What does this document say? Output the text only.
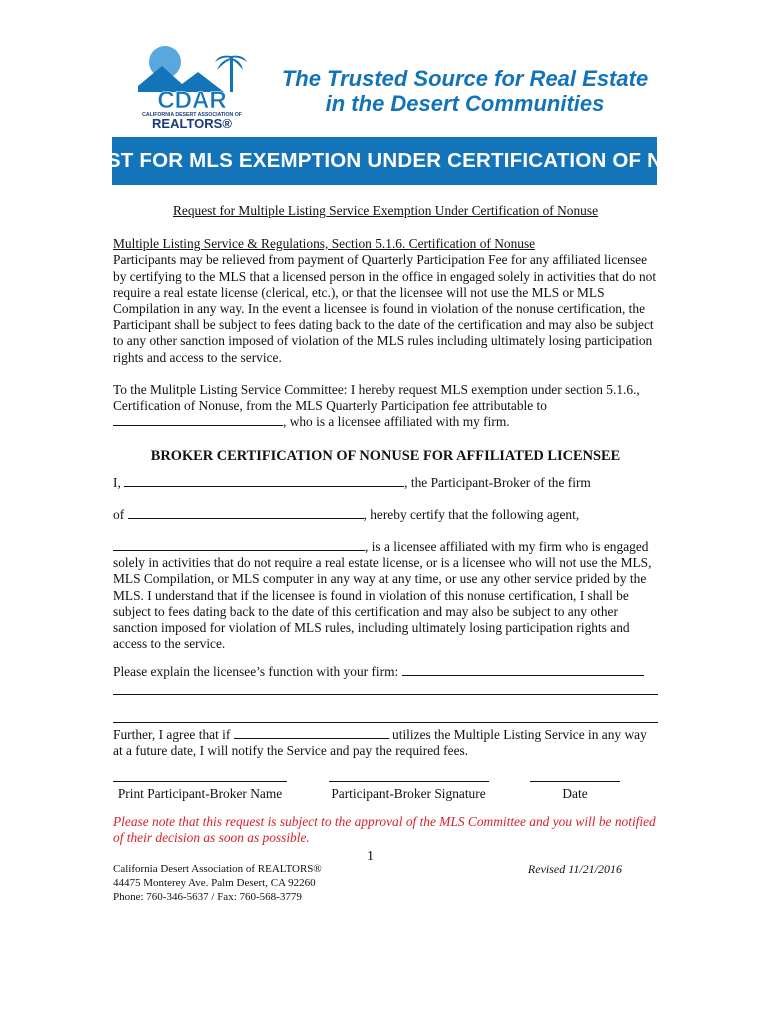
CDAR
CALIFORNIA DESERT ASSOCIATION OF
REALTORS®
The Trusted Source for Real Estate
in the Desert Communities
REQUEST FOR MLS EXEMPTION UNDER CERTIFICATION OF NONUSE

Request for Multiple Listing Service Exemption Under Certification of Nonuse

Multiple Listing Service & Regulations, Section 5.1.6. Certification of Nonuse

Participants may be relieved from payment of Quarterly Participation Fee for any affiliated licensee by certifying to the MLS that a licensed person in the office in engaged solely in activities that do not require a real estate license (clerical, etc.), or that the licensee will not use the MLS or MLS Compilation in any way. In the event a licensee is found in violation of the nonuse certification, the Participant shall be subject to fees dating back to the date of the certification and may also be subject to any other sanction imposed of violation of the MLS rules including ultimately losing participation rights and access to the service.

To the Mulitple Listing Service Committee: I hereby request MLS exemption under section 5.1.6., Certification of Nonuse, from the MLS Quarterly Participation fee attributable to
, who is a licensee affiliated with my firm.

BROKER CERTIFICATION OF NONUSE FOR AFFILIATED LICENSEE

I,	, the Participant-Broker of the firm

of	, hereby certify that the following agent,

, is a licensee affiliated with my firm who is engaged solely in activities that do not require a real estate license, or is a licensee who will not use the MLS, MLS Compilation, or MLS computer in any way at any time, or use any other service prided by the MLS. I understand that if the licensee is found in violation of this nonuse certification, I shall be subject to fees dating back to the date of this certification and may also be subject to any other sanction imposed for violation of MLS rules, including ultimately losing participation rights and access to the service.

Please explain the licensee’s function with your firm:

Further, I agree that if	utilizes the Multiple Listing Service in any way at a future date, I will notify the Service and pay the required fees.

Print Participant-Broker Name	Participant-Broker Signature	Date

Please note that this request is subject to the approval of the MLS Committee and you will be notified of their decision as soon as possible.

1

California Desert Association of REALTORS®
44475 Monterey Ave. Palm Desert, CA 92260
Phone: 760-346-5637 / Fax: 760-568-3779
Revised 11/21/2016
